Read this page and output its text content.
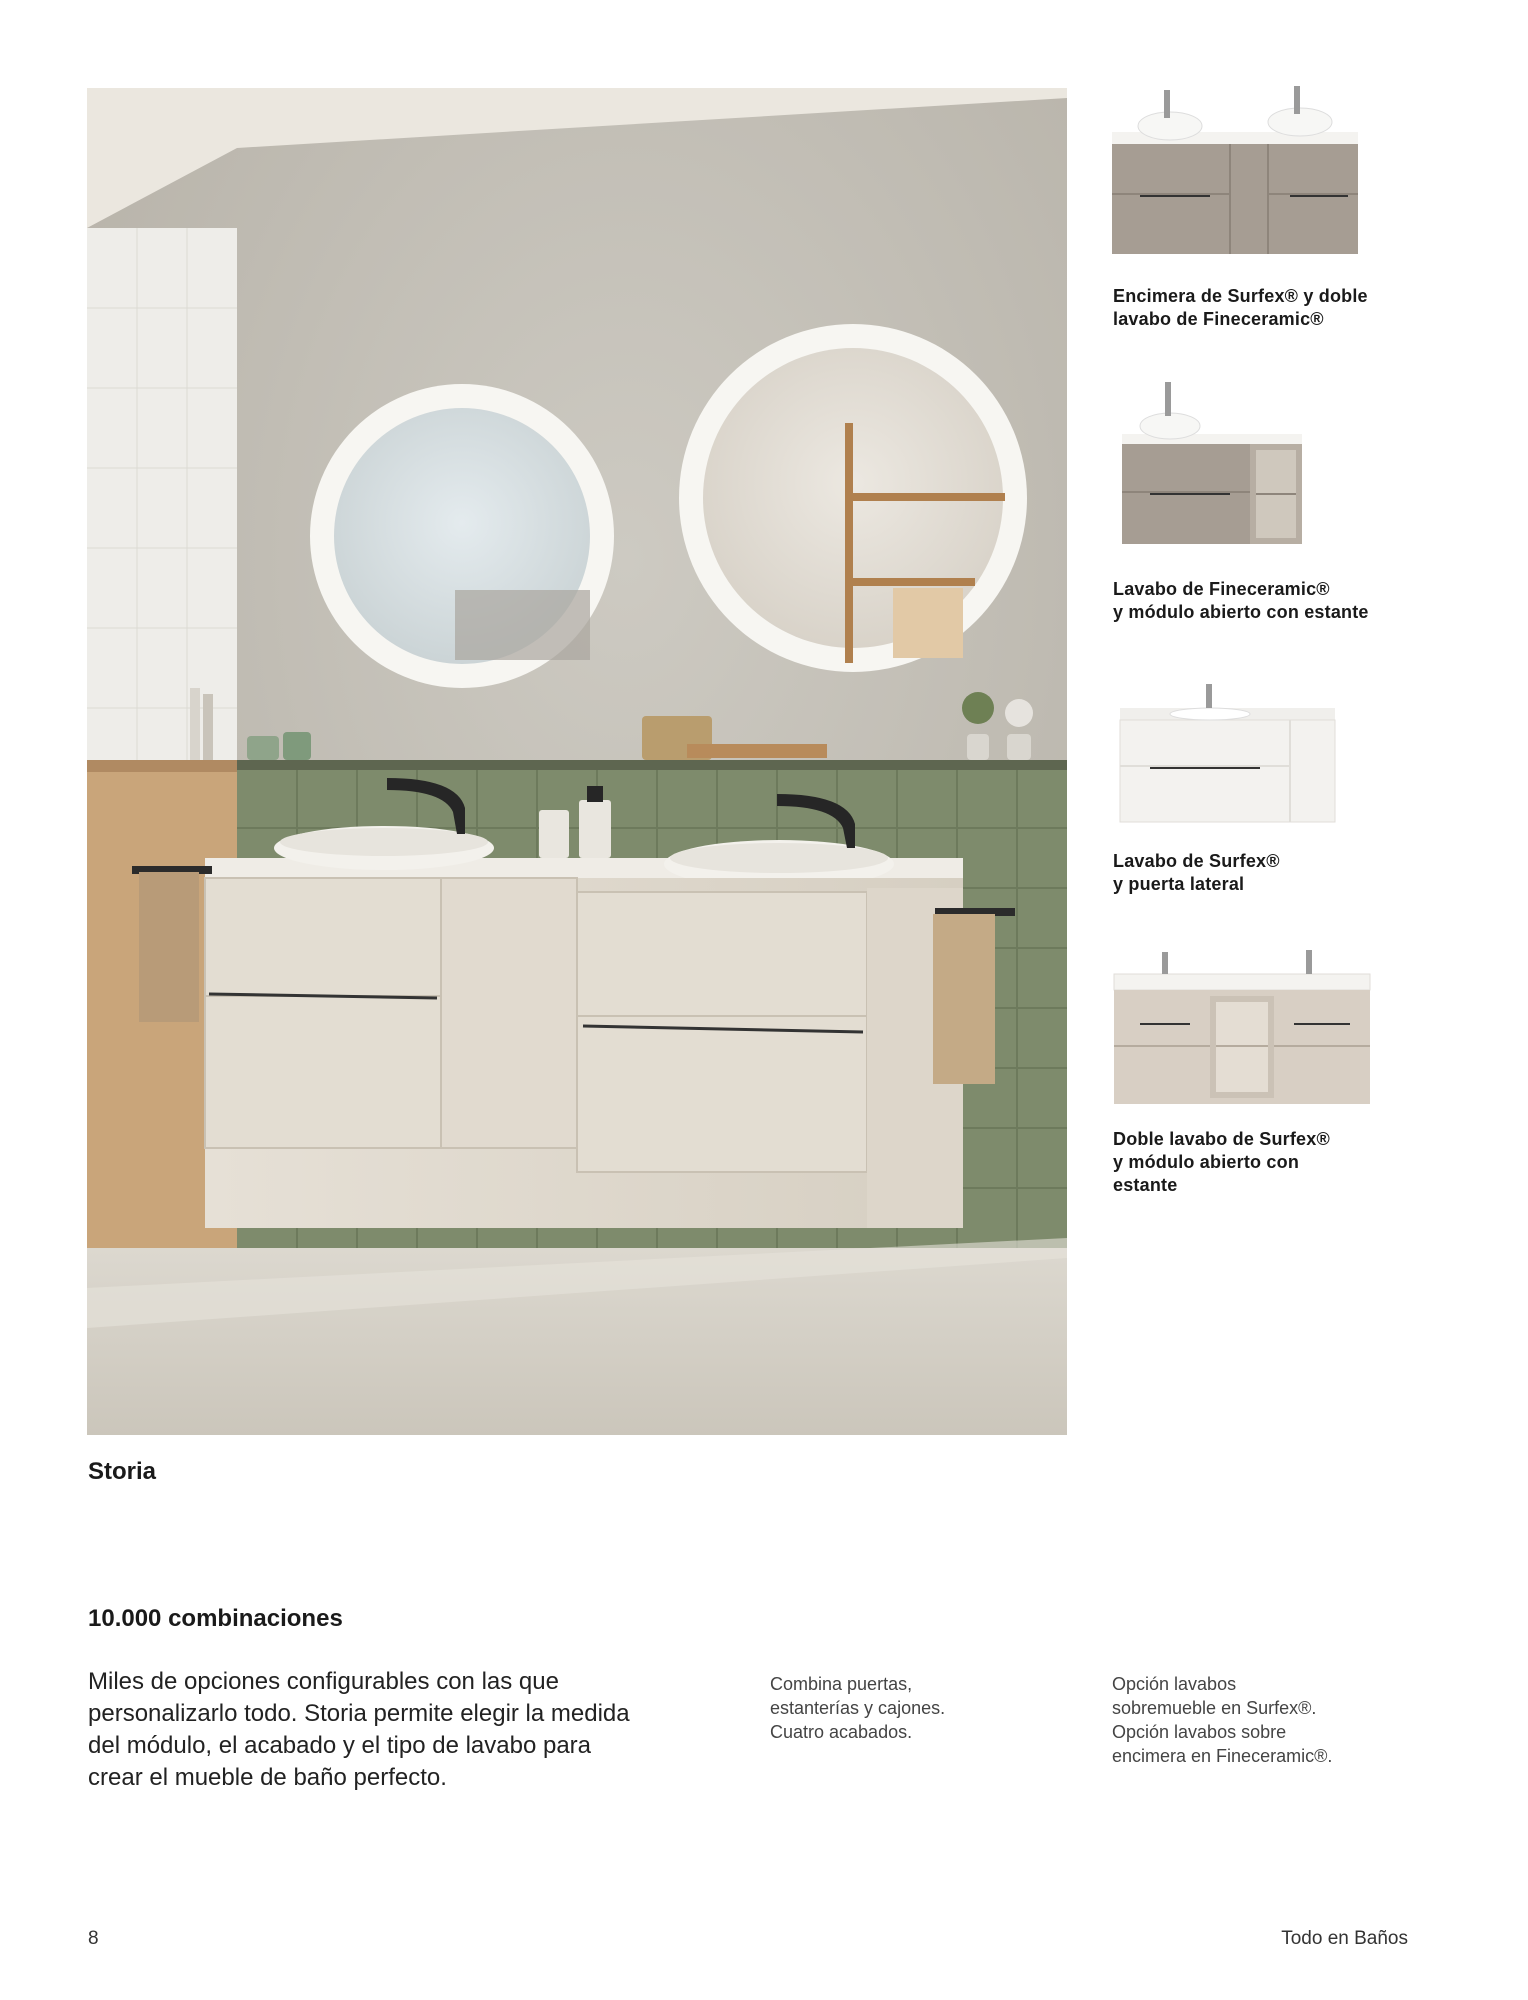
Encimera de Surfex® y doble
lavabo de Fineceramic®
Lavabo de Fineceramic®
y módulo abierto con estante
Lavabo de Surfex®
y puerta lateral
Doble lavabo de Surfex®
y módulo abierto con
estante
Storia
10.000 combinaciones
Miles de opciones configurables con las que
personalizarlo todo. Storia permite elegir la medida
del módulo, el acabado y el tipo de lavabo para
crear el mueble de baño perfecto.
Combina puertas,
estanterías y cajones.
Cuatro acabados.
Opción lavabos
sobremueble en Surfex®.
Opción lavabos sobre
encimera en Fineceramic®.
8	Todo en Baños
